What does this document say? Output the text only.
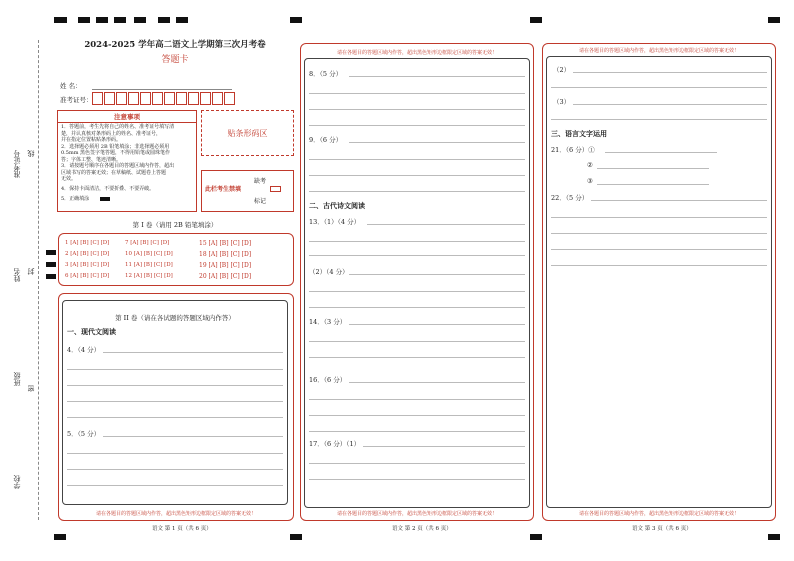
准考证号 线
姓名 封
班级
密
学校
2024-2025 学年高二语文上学期第三次月考卷
答题卡
姓 名：
准考证号：
注意事项
1．答题前，考生先将自己的姓名、准考证号填写清
楚，并认真核对条形码上的姓名、准考证号，
并在指定位置粘贴条形码。
2．选择题必须用 2B 铅笔填涂；非选择题必须用
0.5mm 黑色签字笔答题，不得用铅笔或圆珠笔作
答；字体工整、笔迹清晰。
3．请按题号顺序在各题目的答题区域内作答，超出
区域书写的答案无效；在草稿纸、试题卷上答题
无效。
4．保持卡面清洁，不要折叠、不要弄破。
5．正确填涂
贴条形码区
此栏考生禁填
缺考
标记
第 I 卷（请用 2B 铅笔填涂）
1 [A] [B] [C] [D]	7 [A] [B] [C] [D]	15 [A] [B] [C] [D]
2 [A] [B] [C] [D]	10 [A] [B] [C] [D]	18 [A] [B] [C] [D]
3 [A] [B] [C] [D]	11 [A] [B] [C] [D]	19 [A] [B] [C] [D]
6 [A] [B] [C] [D]	12 [A] [B] [C] [D]	20 [A] [B] [C] [D]
第 II 卷（请在各试题的答题区域内作答）
一、现代文阅读
4．（4 分）
5．（5 分）
请在各题目的答题区域内作答，超出黑色矩形边框限定区域的答案无效！
语文 第 1 页（共 6 页）
请在各题目的答题区域内作答，超出黑色矩形边框限定区域的答案无效！
8．（5 分）
9．（6 分）
二、古代诗文阅读
13．（1）（4 分）
（2）（4 分）
14．（3 分）
16．（6 分）
17．（6 分）（1）
请在各题目的答题区域内作答，超出黑色矩形边框限定区域的答案无效！
语文 第 2 页（共 6 页）
请在各题目的答题区域内作答，超出黑色矩形边框限定区域的答案无效！
（2）
（3）
三、语言文字运用
21．（6 分）①
②
③
22．（5 分）
请在各题目的答题区域内作答，超出黑色矩形边框限定区域的答案无效！
语文 第 3 页（共 6 页）
